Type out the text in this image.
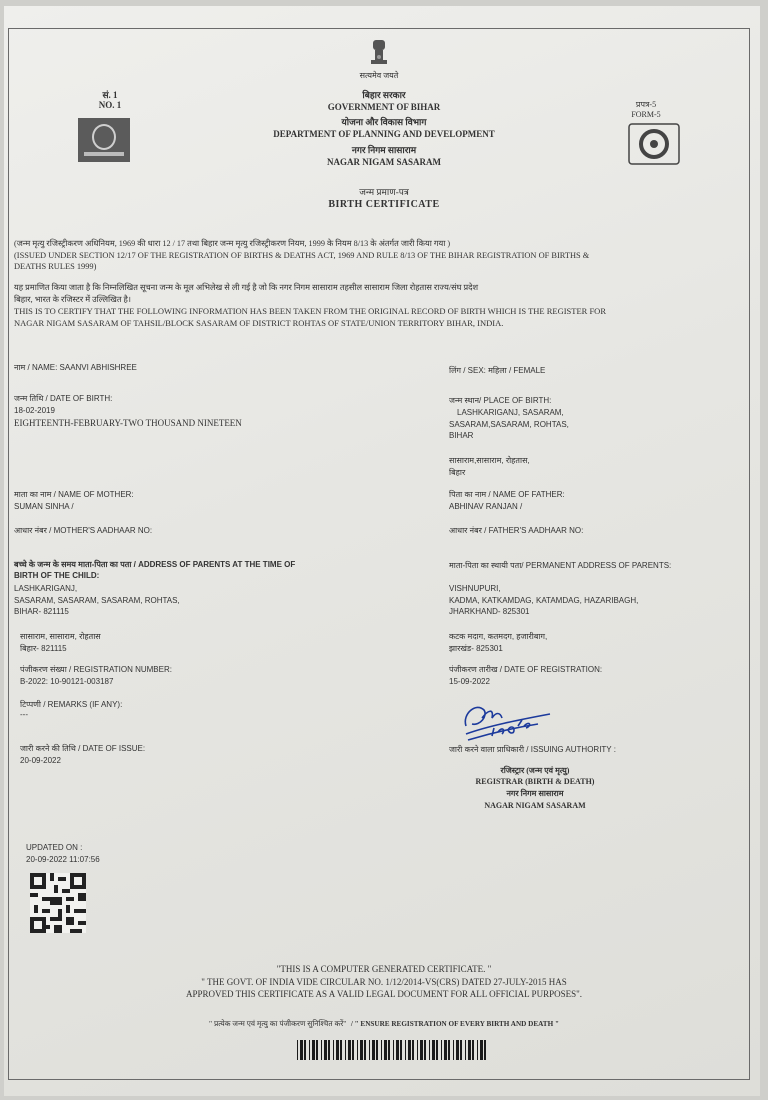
सत्यमेव जयते
सं. 1
NO. 1	प्रपत्र-5
FORM-5
बिहार सरकार
GOVERNMENT OF BIHAR
योजना और विकास विभाग
DEPARTMENT OF PLANNING AND DEVELOPMENT
नगर निगम सासाराम
NAGAR NIGAM SASARAM
जन्म प्रमाण-पत्र
BIRTH CERTIFICATE
(जन्म मृत्यु रजिस्ट्रीकरण अधिनियम, 1969 की धारा 12 / 17 तथा बिहार जन्म मृत्यु रजिस्ट्रीकरण नियम, 1999 के नियम 8/13 के अंतर्गत जारी किया गया )
(ISSUED UNDER SECTION 12/17 OF THE REGISTRATION OF BIRTHS & DEATHS ACT, 1969 AND RULE 8/13 OF THE BIHAR REGISTRATION OF BIRTHS &
DEATHS RULES 1999)
यह प्रमाणित किया जाता है कि निम्नलिखित सूचना जन्म के मूल अभिलेख से ली गई है जो कि नगर निगम सासाराम तहसील सासाराम जिला रोहतास राज्य/संघ प्रदेश
बिहार, भारत के रजिस्टर में उल्लिखित है।
THIS IS TO CERTIFY THAT THE FOLLOWING INFORMATION HAS BEEN TAKEN FROM THE ORIGINAL RECORD OF BIRTH WHICH IS THE REGISTER FOR
NAGAR NIGAM SASARAM OF TAHSIL/BLOCK SASARAM OF DISTRICT ROHTAS OF STATE/UNION TERRITORY BIHAR, INDIA.
नाम / NAME: SAANVI ABHISHREE
जन्म तिथि / DATE OF BIRTH:
18-02-2019
EIGHTEENTH-FEBRUARY-TWO THOUSAND NINETEEN
माता का नाम / NAME OF MOTHER:
SUMAN SINHA /
आधार नंबर / MOTHER'S AADHAAR NO:
बच्चे के जन्म के समय माता-पिता का पता / ADDRESS OF PARENTS AT THE TIME OF
BIRTH OF THE CHILD:
LASHKARIGANJ,
SASARAM, SASARAM, SASARAM, ROHTAS,
BIHAR- 821115
सासाराम, सासाराम, रोहतास
बिहार- 821115
पंजीकरण संख्या / REGISTRATION NUMBER:
B-2022: 10-90121-003187
टिप्पणी / REMARKS (IF ANY):
---
जारी करने की तिथि / DATE OF ISSUE:
20-09-2022
लिंग / SEX: महिला / FEMALE
जन्म स्थान/ PLACE OF BIRTH:
LASHKARIGANJ, SASARAM,
SASARAM,SASARAM, ROHTAS,
BIHAR
सासाराम,सासाराम, रोहतास,
बिहार
पिता का नाम / NAME OF FATHER:
ABHINAV RANJAN /
आधार नंबर / FATHER'S AADHAAR NO:
माता-पिता का स्थायी पता/ PERMANENT ADDRESS OF PARENTS:
VISHNUPURI,
KADMA, KATKAMDAG, KATAMDAG, HAZARIBAGH,
JHARKHAND- 825301
कटक मदाग, कतमदग, हजारीबाग,
झारखंड- 825301
पंजीकरण तारीख / DATE OF REGISTRATION:
15-09-2022
जारी करने वाला प्राधिकारी / ISSUING AUTHORITY :
रजिस्ट्रार (जन्म एवं मृत्यु)
REGISTRAR (BIRTH & DEATH)
नगर निगम सासाराम
NAGAR NIGAM SASARAM
UPDATED ON :
20-09-2022 11:07:56
"THIS IS A COMPUTER GENERATED CERTIFICATE. "
" THE GOVT. OF INDIA VIDE CIRCULAR NO. 1/12/2014-VS(CRS) DATED 27-JULY-2015 HAS
APPROVED THIS CERTIFICATE AS A VALID LEGAL DOCUMENT FOR ALL OFFICIAL PURPOSES".
" प्रत्येक जन्म एवं मृत्यु का पंजीकरण सुनिश्चित करें" / " ENSURE REGISTRATION OF EVERY BIRTH AND DEATH "
